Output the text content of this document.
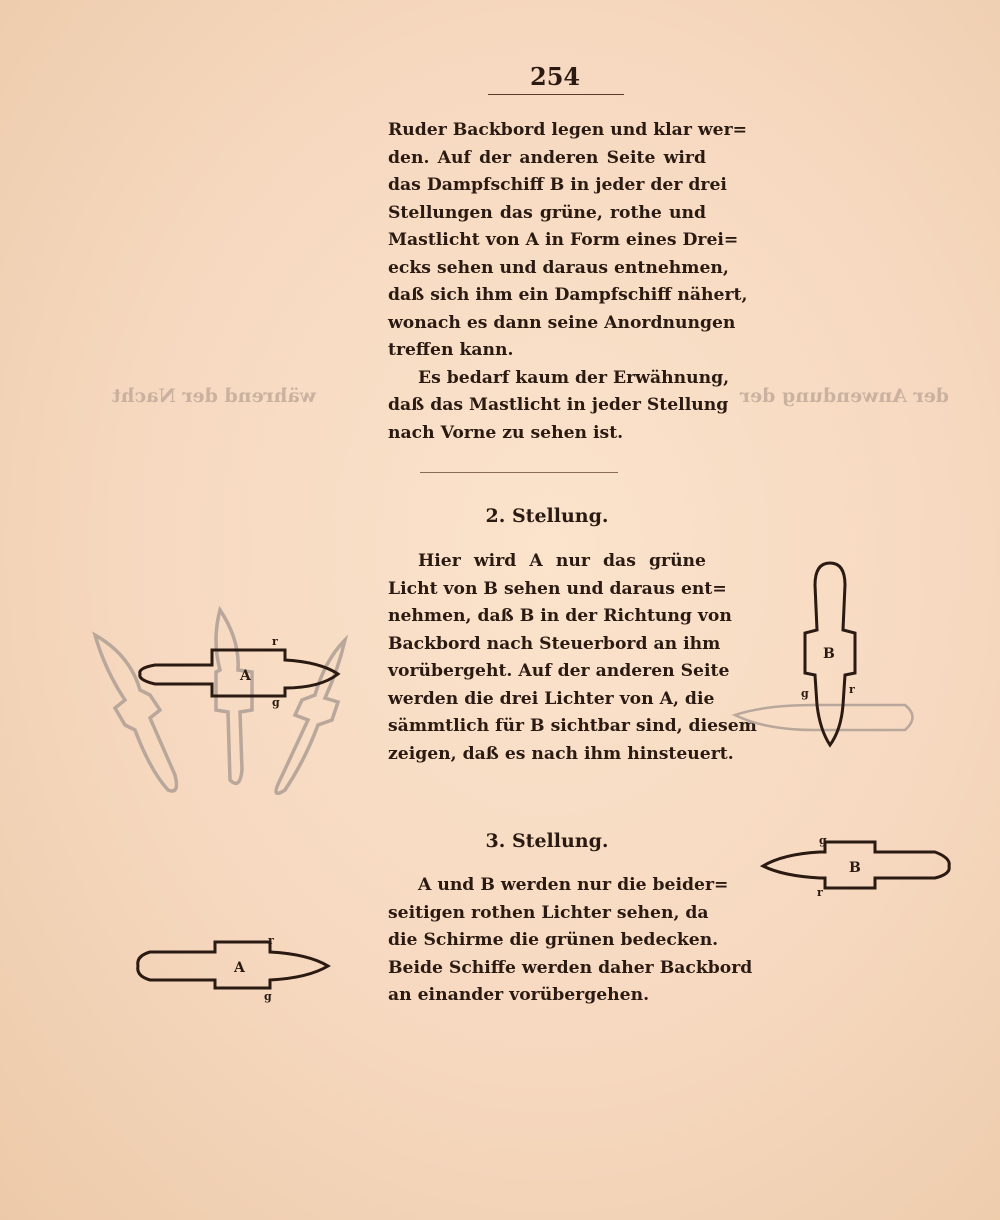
während der Nacht	der Anwendung der
254
Ruder Backbord legen und klar wer=
den. Auf der anderen Seite wird
das Dampfschiff B in jeder der drei
Stellungen das grüne, rothe und
Mastlicht von A in Form eines Drei=
ecks sehen und daraus entnehmen,
daß sich ihm ein Dampfschiff nähert,
wonach es dann seine Anordnungen
treffen kann.
Es bedarf kaum der Erwähnung,
daß das Mastlicht in jeder Stellung
nach Vorne zu sehen ist.
2. Stellung.
Hier wird A nur das grüne
Licht von B sehen und daraus ent=
nehmen, daß B in der Richtung von
Backbord nach Steuerbord an ihm
vorübergeht. Auf der anderen Seite
werden die drei Lichter von A, die
sämmtlich für B sichtbar sind, diesem
zeigen, daß es nach ihm hinsteuert.
3. Stellung.
A und B werden nur die beider=
seitigen rothen Lichter sehen, da
die Schirme die grünen bedecken.
Beide Schiffe werden daher Backbord
an einander vorübergehen.
A
r
g
B
g	r
B
g
r
A
r
g
